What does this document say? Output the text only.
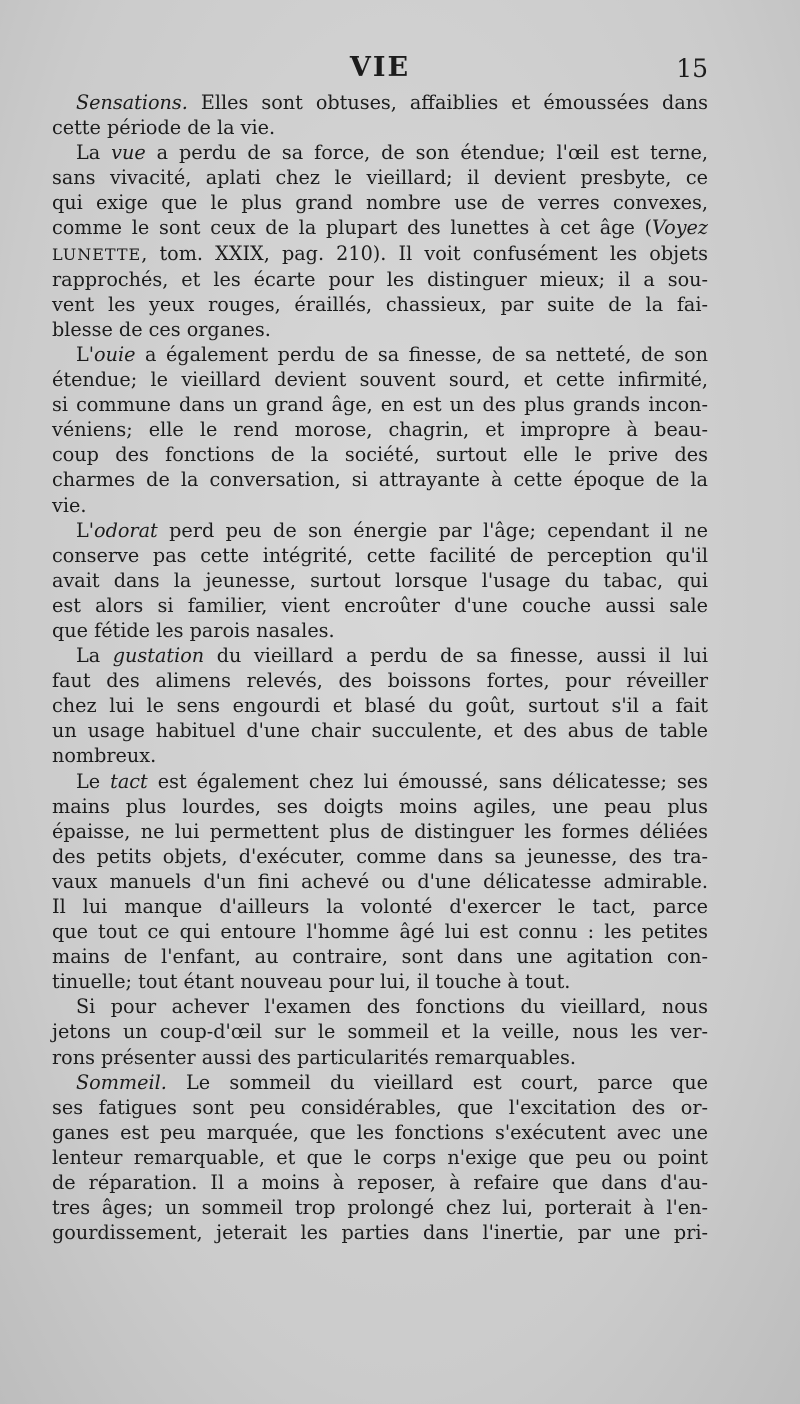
VIE	15
Sensations. Elles sont obtuses, affaiblies et émoussées dans
cette période de la vie.
La vue a perdu de sa force, de son étendue; l'œil est terne,
sans vivacité, aplati chez le vieillard; il devient presbyte, ce
qui exige que le plus grand nombre use de verres convexes,
comme le sont ceux de la plupart des lunettes à cet âge (Voyez
LUNETTE, tom. XXIX, pag. 210). Il voit confusément les objets
rapprochés, et les écarte pour les distinguer mieux; il a sou-
vent les yeux rouges, éraillés, chassieux, par suite de la fai-
blesse de ces organes.
L'ouie a également perdu de sa finesse, de sa netteté, de son
étendue; le vieillard devient souvent sourd, et cette infirmité,
si commune dans un grand âge, en est un des plus grands incon-
véniens; elle le rend morose, chagrin, et impropre à beau-
coup des fonctions de la société, surtout elle le prive des
charmes de la conversation, si attrayante à cette époque de la
vie.
L'odorat perd peu de son énergie par l'âge; cependant il ne
conserve pas cette intégrité, cette facilité de perception qu'il
avait dans la jeunesse, surtout lorsque l'usage du tabac, qui
est alors si familier, vient encroûter d'une couche aussi sale
que fétide les parois nasales.
La gustation du vieillard a perdu de sa finesse, aussi il lui
faut des alimens relevés, des boissons fortes, pour réveiller
chez lui le sens engourdi et blasé du goût, surtout s'il a fait
un usage habituel d'une chair succulente, et des abus de table
nombreux.
Le tact est également chez lui émoussé, sans délicatesse; ses
mains plus lourdes, ses doigts moins agiles, une peau plus
épaisse, ne lui permettent plus de distinguer les formes déliées
des petits objets, d'exécuter, comme dans sa jeunesse, des tra-
vaux manuels d'un fini achevé ou d'une délicatesse admirable.
Il lui manque d'ailleurs la volonté d'exercer le tact, parce
que tout ce qui entoure l'homme âgé lui est connu : les petites
mains de l'enfant, au contraire, sont dans une agitation con-
tinuelle; tout étant nouveau pour lui, il touche à tout.
Si pour achever l'examen des fonctions du vieillard, nous
jetons un coup-d'œil sur le sommeil et la veille, nous les ver-
rons présenter aussi des particularités remarquables.
Sommeil. Le sommeil du vieillard est court, parce que
ses fatigues sont peu considérables, que l'excitation des or-
ganes est peu marquée, que les fonctions s'exécutent avec une
lenteur remarquable, et que le corps n'exige que peu ou point
de réparation. Il a moins à reposer, à refaire que dans d'au-
tres âges; un sommeil trop prolongé chez lui, porterait à l'en-
gourdissement, jeterait les parties dans l'inertie, par une pri-
